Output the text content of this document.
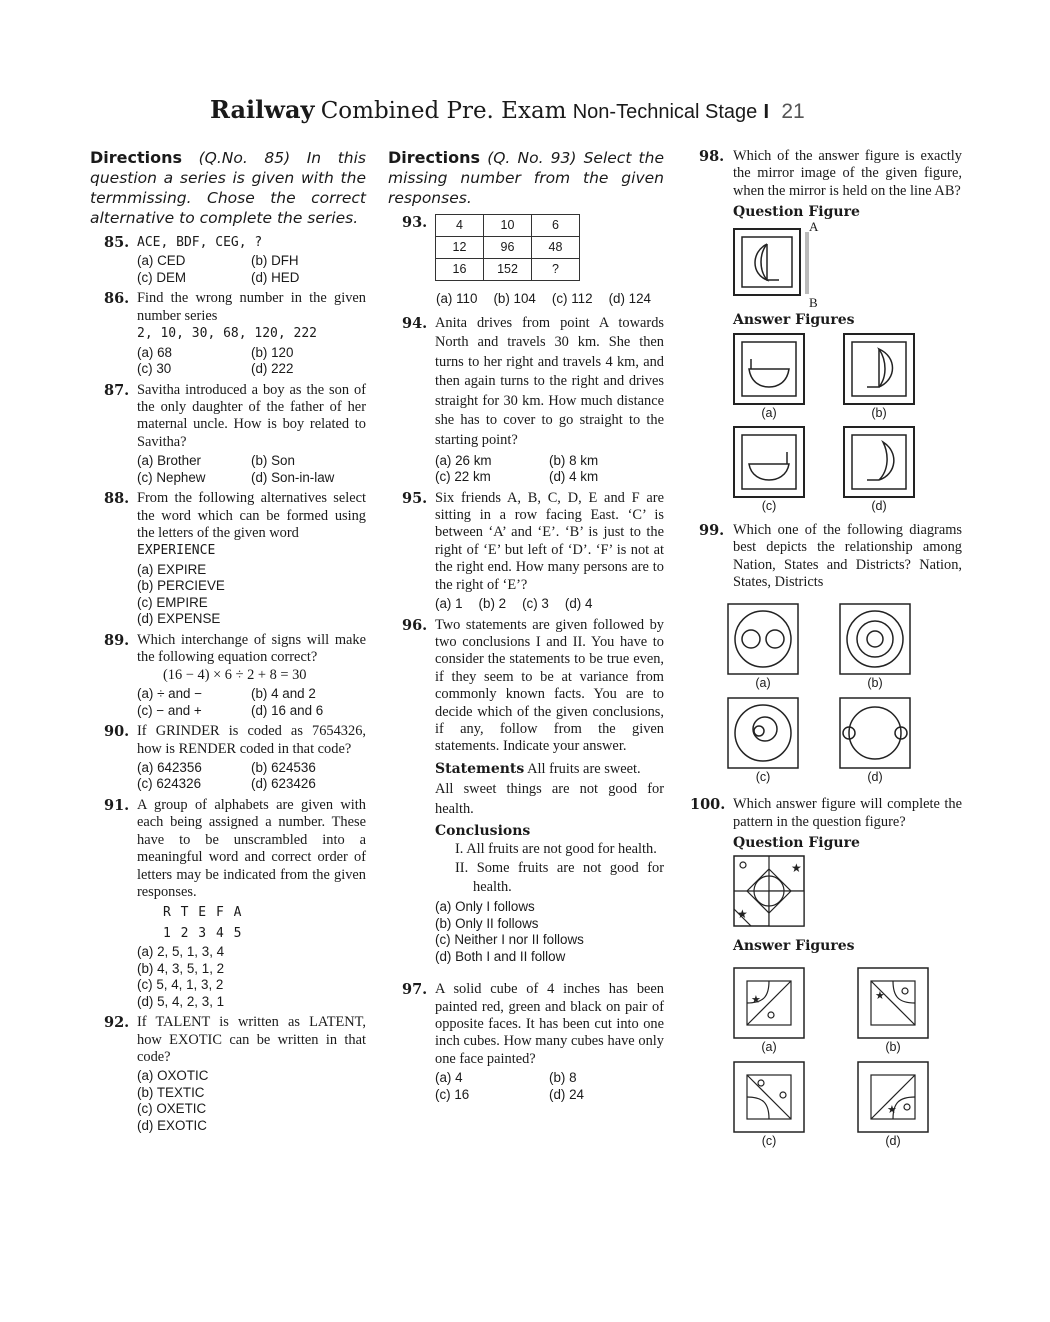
Railway Combined Pre. Exam Non-Technical Stage I 21
Directions (Q.No. 85) In this question a series is given with the termmissing. Chose the correct alternative to complete the series.
85. ACE, BDF, CEG, ?
(a) CED	(b) DFH
(c) DEM	(d) HED
86. Find the wrong number in the given number series
2, 10, 30, 68, 120, 222
(a) 68	(b) 120
(c) 30	(d) 222
87. Savitha introduced a boy as the son of the only daughter of the father of her maternal uncle. How is boy related to Savitha?
(a) Brother	(b) Son
(c) Nephew	(d) Son-in-law
88. From the following alternatives select the word which can be formed using the letters of the given word
EXPERIENCE
(a) EXPIRE
(b) PERCIEVE
(c) EMPIRE
(d) EXPENSE
89. Which interchange of signs will make the following equation correct?
(16 − 4) × 6 ÷ 2 + 8 = 30
(a) ÷ and −	(b) 4 and 2
(c) − and +	(d) 16 and 6
90. If GRINDER is coded as 7654326, how is RENDER coded in that code?
(a) 642356	(b) 624536
(c) 624326	(d) 623426
91. A group of alphabets are given with each being assigned a number. These have to be unscrambled into a meaningful word and correct order of letters may be indicated from the given responses.
R T E F A
1 2 3 4 5
(a) 2, 5, 1, 3, 4
(b) 4, 3, 5, 1, 2
(c) 5, 4, 1, 3, 2
(d) 5, 4, 2, 3, 1
92. If TALENT is written as LATENT, how EXOTIC can be written in that code?
(a) OXOTIC
(b) TEXTIC
(c) OXETIC
(d) EXOTIC
Directions (Q. No. 93) Select the missing number from the given responses.
93. 4	10	6
12	96	48
16	152	?
(a) 110 (b) 104 (c) 112 (d) 124
94. Anita drives from point A towards North and travels 30 km. She then turns to her right and travels 4 km, and then again turns to the right and drives straight for 30 km. How much distance she has to cover to go straight to the starting point?
(a) 26 km	(b) 8 km
(c) 22 km	(d) 4 km
95. Six friends A, B, C, D, E and F are sitting in a row facing East. ‘C’ is between ‘A’ and ‘E’. ‘B’ is just to the right of ‘E’ but left of ‘D’. ‘F’ is not at the right end. How many persons are to the right of ‘E’?
(a) 1 (b) 2 (c) 3 (d) 4
96. Two statements are given followed by two conclusions I and II. You have to consider the statements to be true even, if they seem to be at variance from commonly known facts. You are to decide which of the given conclusions, if any, follow from the given statements. Indicate your answer.
Statements All fruits are sweet.
All sweet things are not good for health.
Conclusions
I. All fruits are not good for health.
II. Some fruits are not good for health.
(a) Only I follows
(b) Only II follows
(c) Neither I nor II follows
(d) Both I and II follow
97. A solid cube of 4 inches has been painted red, green and black on pair of opposite faces. It has been cut into one inch cubes. How many cubes have only one face painted?
(a) 4	(b) 8
(c) 16	(d) 24
98. Which of the answer figure is exactly the mirror image of the given figure, when the mirror is held on the line AB?
Question Figure
A
B
Answer Figures
(a)	(b)
(c)	(d)
99. Which one of the following diagrams best depicts the relationship among Nation, States and Districts? Nation, States, Districts
(a)	(b)
(c)	(d)
100. Which answer figure will complete the pattern in the question figure?
Question Figure
★
★
Answer Figures
★
(a)
★
(b)
(c)
★
(d)
